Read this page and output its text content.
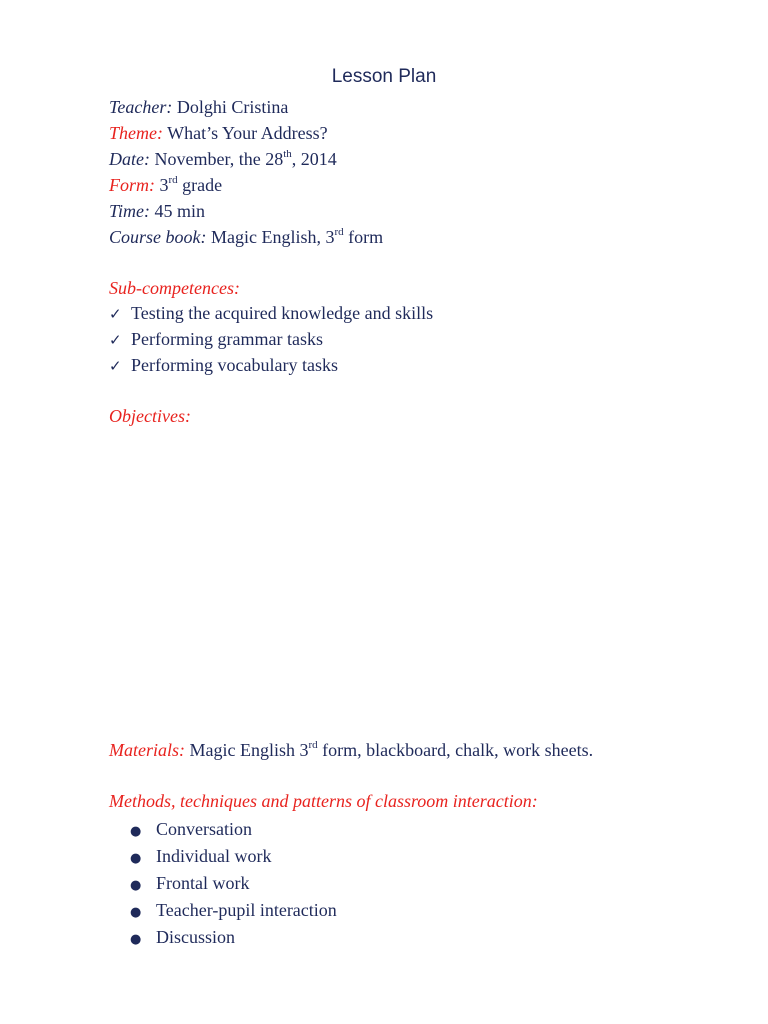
Lesson Plan
Teacher: Dolghi Cristina
Theme: What’s Your Address?
Date: November, the 28th, 2014
Form: 3rd grade
Time: 45 min
Course book: Magic English, 3rd form
Sub-competences:
✓ Testing the acquired knowledge and skills
✓ Performing grammar tasks
✓ Performing vocabulary tasks
Objectives:
Materials: Magic English 3rd form, blackboard, chalk, work sheets.
Methods, techniques and patterns of classroom interaction:
● Conversation
● Individual work
● Frontal work
● Teacher-pupil interaction
● Discussion
